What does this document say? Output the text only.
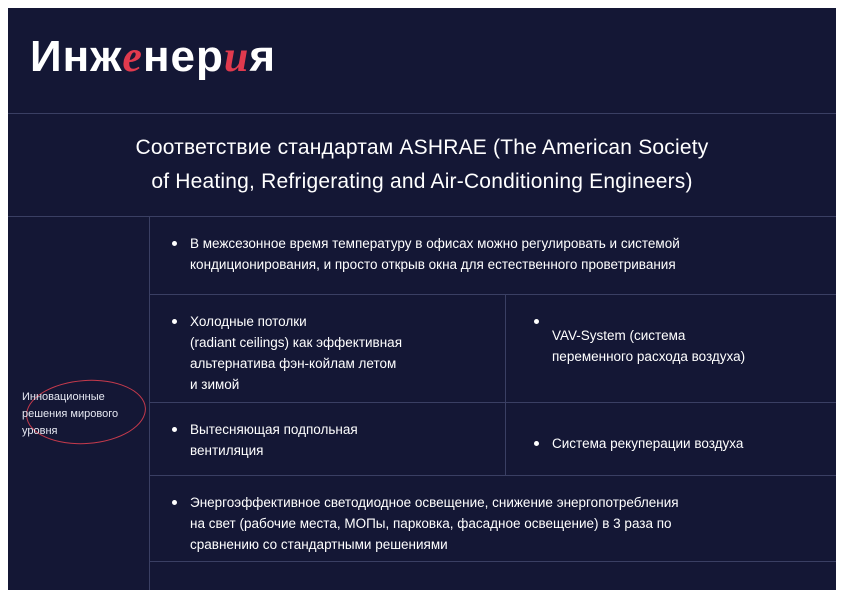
Инженерия
Соответствие стандартам ASHRAE (The American Society
of Heating, Refrigerating and Air-Conditioning Engineers)
Инновационные
решения мирового
уровня
В межсезонное время температуру в офисах можно регулировать и системой
кондиционирования, и просто открыв окна для естественного проветривания
Холодные потолки
(radiant ceilings) как эффективная
альтернатива фэн-койлам летом
и зимой
VAV-System (система
переменного расхода воздуха)
Вытесняющая подпольная
вентиляция	Система рекуперации воздуха
Энергоэффективное светодиодное освещение, снижение энергопотребления
на свет (рабочие места, МОПы, парковка, фасадное освещение) в 3 раза по
сравнению со стандартными решениями
